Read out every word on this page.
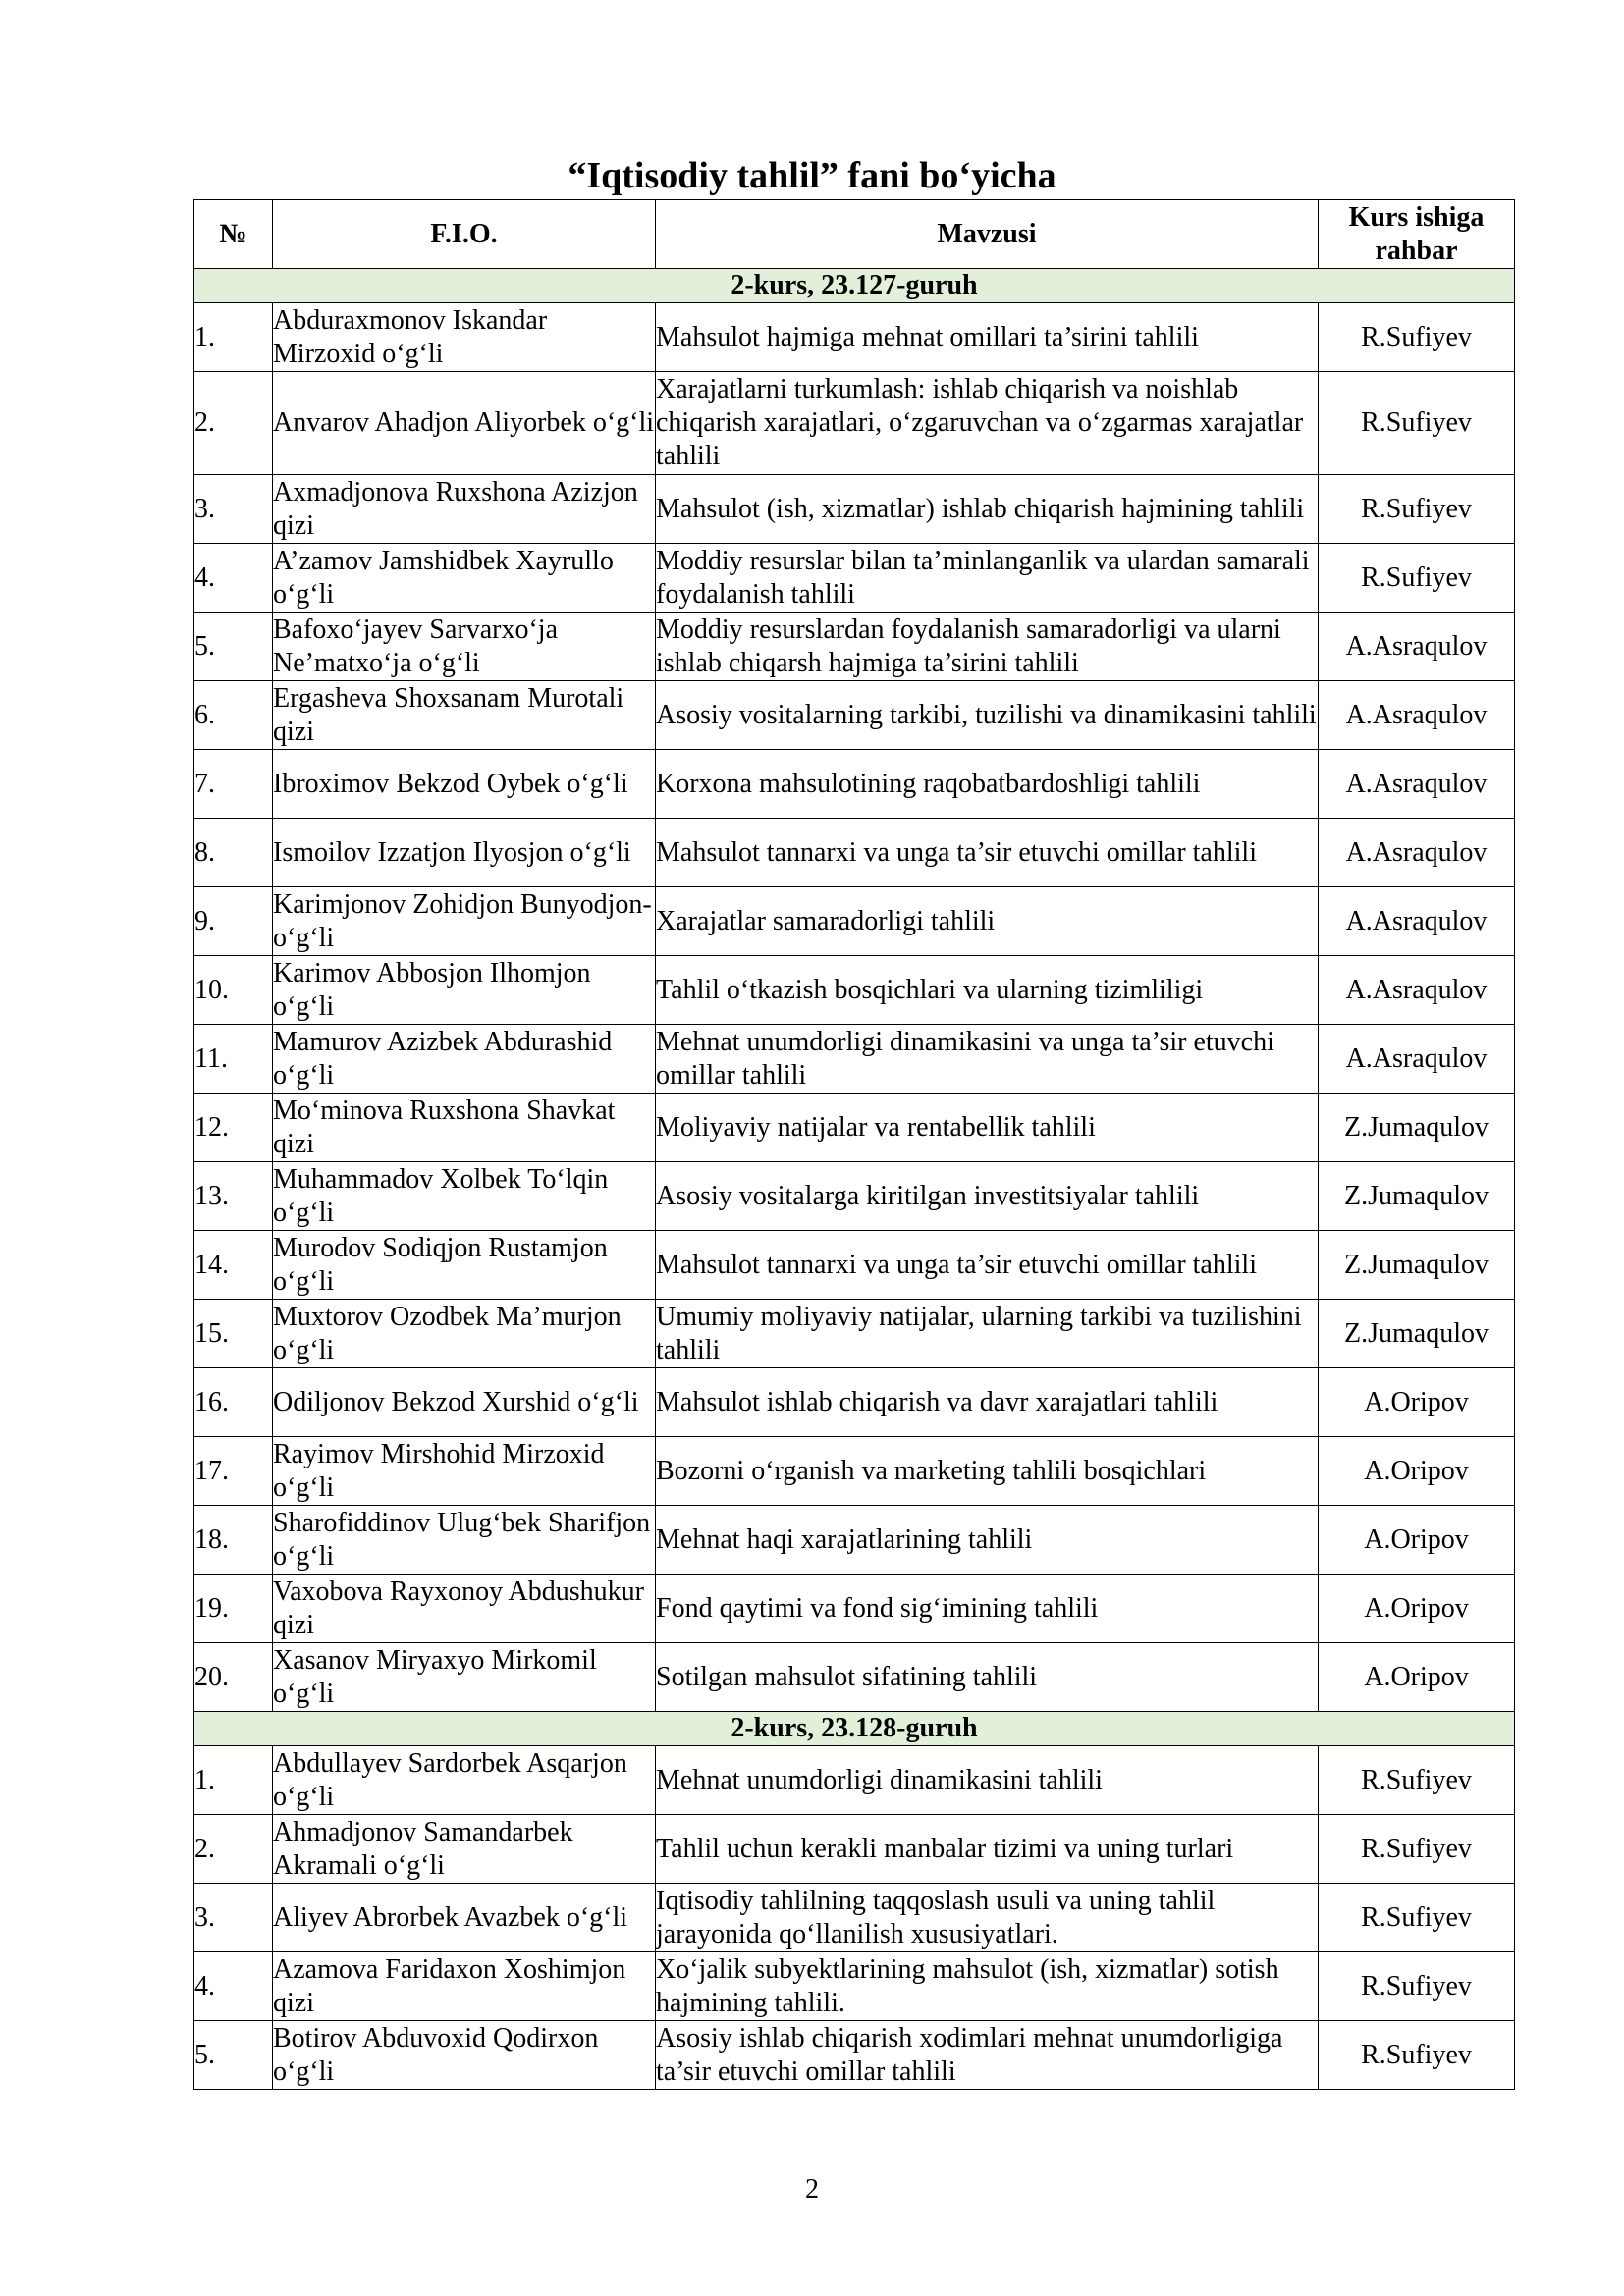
“Iqtisodiy tahlil” fani bo‘yicha
№	F.I.O.	Mavzusi	Kurs ishiga rahbar
2-kurs, 23.127-guruh			
1.	Abduraxmonov Iskandar Mirzoxid o‘g‘li	Mahsulot hajmiga mehnat omillari ta’sirini tahlili	R.Sufiyev
2.	Anvarov Ahadjon Aliyorbek o‘g‘li	Xarajatlarni turkumlash: ishlab chiqarish va noishlab chiqarish xarajatlari, o‘zgaruvchan va o‘zgarmas xarajatlar tahlili	R.Sufiyev
3.	Axmadjonova Ruxshona Azizjon qizi	Mahsulot (ish, xizmatlar) ishlab chiqarish hajmining tahlili	R.Sufiyev
4.	A’zamov Jamshidbek Xayrullo o‘g‘li	Moddiy resurslar bilan ta’minlanganlik va ulardan samarali foydalanish tahlili	R.Sufiyev
5.	Bafoxo‘jayev Sarvarxo‘ja Ne’matxo‘ja o‘g‘li	Moddiy resurslardan foydalanish samaradorligi va ularni ishlab chiqarsh hajmiga ta’sirini tahlili	A.Asraqulov
6.	Ergasheva Shoxsanam Murotali qizi	Asosiy vositalarning tarkibi, tuzilishi va dinamikasini tahlili	A.Asraqulov
7.	Ibroximov Bekzod Oybek o‘g‘li	Korxona mahsulotining raqobatbardoshligi tahlili	A.Asraqulov
8.	Ismoilov Izzatjon Ilyosjon o‘g‘li	Mahsulot tannarxi va unga ta’sir etuvchi omillar tahlili	A.Asraqulov
9.	Karimjonov Zohidjon Bunyodjon-o‘g‘li	Xarajatlar samaradorligi tahlili	A.Asraqulov
10.	Karimov Abbosjon Ilhomjon o‘g‘li	Tahlil o‘tkazish bosqichlari va ularning tizimliligi	A.Asraqulov
11.	Mamurov Azizbek Abdurashid o‘g‘li	Mehnat unumdorligi dinamikasini va unga ta’sir etuvchi omillar tahlili	A.Asraqulov
12.	Mo‘minova Ruxshona Shavkat qizi	Moliyaviy natijalar va rentabellik tahlili	Z.Jumaqulov
13.	Muhammadov Xolbek To‘lqin o‘g‘li	Asosiy vositalarga kiritilgan investitsiyalar tahlili	Z.Jumaqulov
14.	Murodov Sodiqjon Rustamjon o‘g‘li	Mahsulot tannarxi va unga ta’sir etuvchi omillar tahlili	Z.Jumaqulov
15.	Muxtorov Ozodbek Ma’murjon o‘g‘li	Umumiy moliyaviy natijalar, ularning tarkibi va tuzilishini tahlili	Z.Jumaqulov
16.	Odiljonov Bekzod Xurshid o‘g‘li	Mahsulot ishlab chiqarish va davr xarajatlari tahlili	A.Oripov
17.	Rayimov Mirshohid Mirzoxid o‘g‘li	Bozorni o‘rganish va marketing tahlili bosqichlari	A.Oripov
18.	Sharofiddinov Ulug‘bek Sharifjon o‘g‘li	Mehnat haqi xarajatlarining tahlili	A.Oripov
19.	Vaxobova Rayxonoy Abdushukur qizi	Fond qaytimi va fond sig‘imining tahlili	A.Oripov
20.	Xasanov Miryaxyo Mirkomil o‘g‘li	Sotilgan mahsulot sifatining tahlili	A.Oripov
2-kurs, 23.128-guruh			
1.	Abdullayev Sardorbek Asqarjon o‘g‘li	Mehnat unumdorligi dinamikasini tahlili	R.Sufiyev
2.	Ahmadjonov Samandarbek Akramali o‘g‘li	Tahlil uchun kerakli manbalar tizimi va uning turlari	R.Sufiyev
3.	Aliyev Abrorbek Avazbek o‘g‘li	Iqtisodiy tahlilning taqqoslash usuli va uning tahlil jarayonida qo‘llanilish xususiyatlari.	R.Sufiyev
4.	Azamova Faridaxon Xoshimjon qizi	Xo‘jalik subyektlarining mahsulot (ish, xizmatlar) sotish hajmining tahlili.	R.Sufiyev
5.	Botirov Abduvoxid Qodirxon o‘g‘li	Asosiy ishlab chiqarish xodimlari mehnat unumdorligiga ta’sir etuvchi omillar tahlili	R.Sufiyev
2
